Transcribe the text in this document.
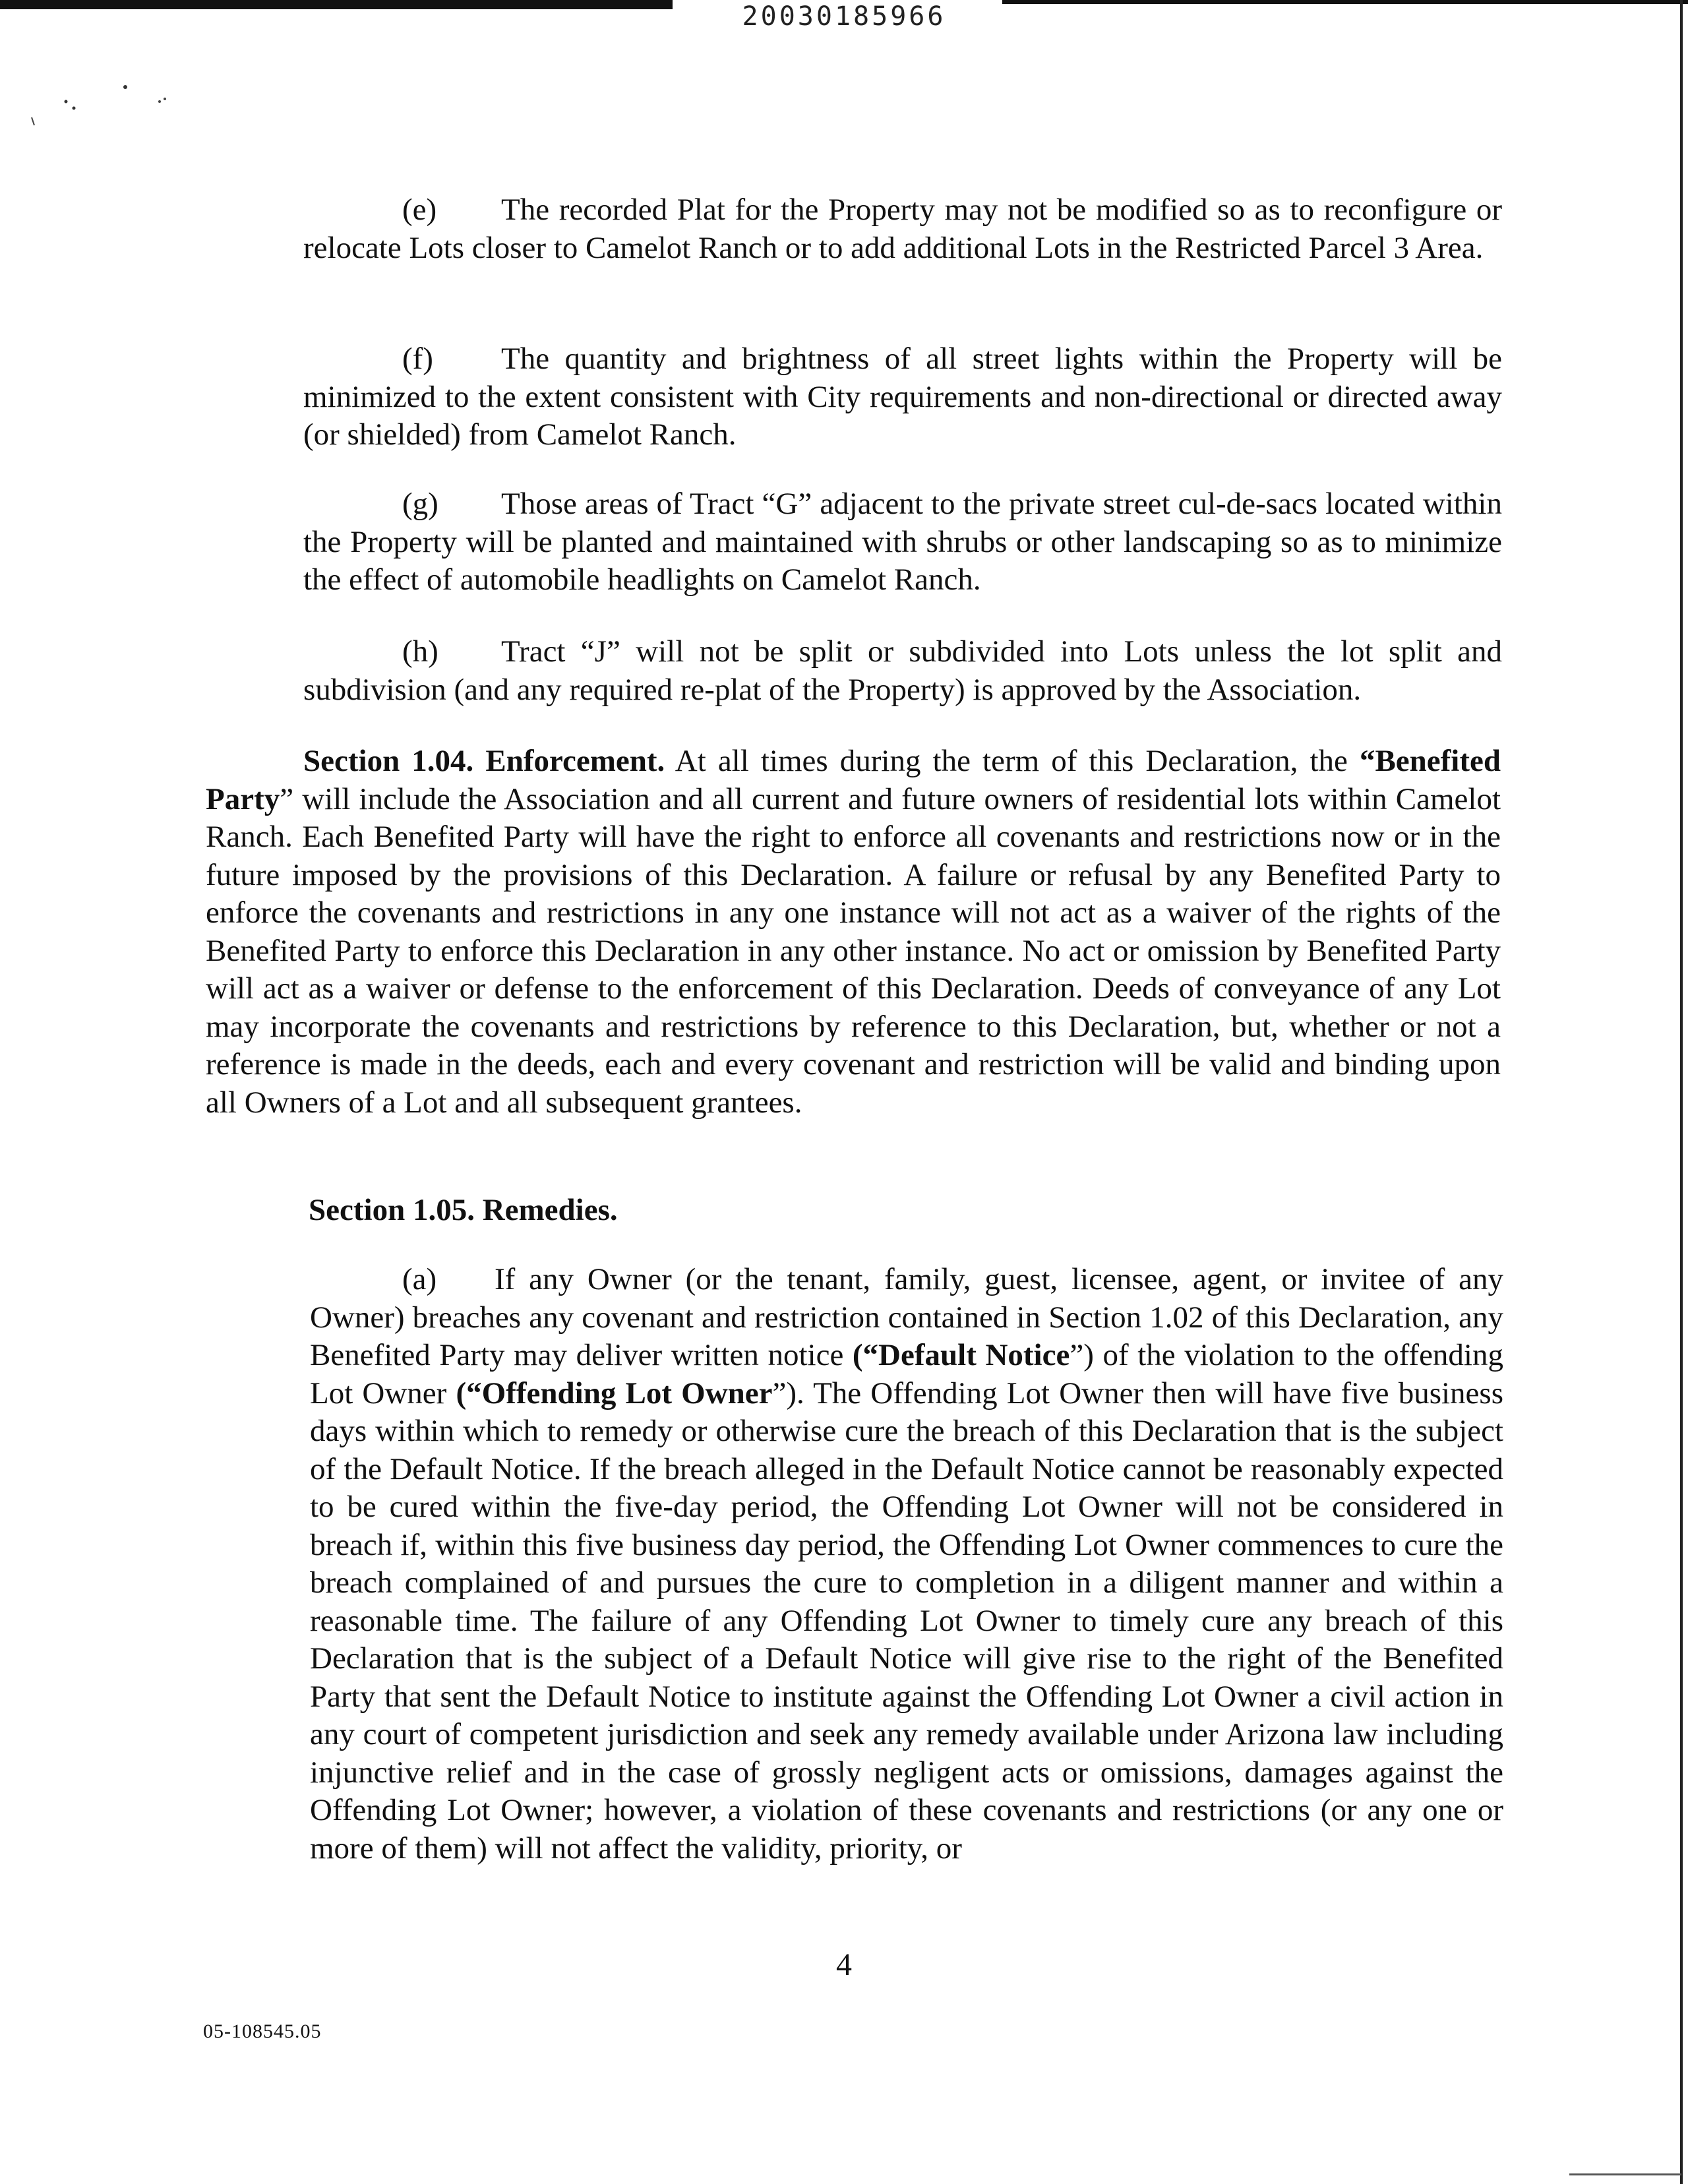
20030185966

(e) The recorded Plat for the Property may not be modified so as to reconfigure or relocate Lots closer to Camelot Ranch or to add additional Lots in the Restricted Parcel 3 Area.

(f) The quantity and brightness of all street lights within the Property will be minimized to the extent consistent with City requirements and non-directional or directed away (or shielded) from Camelot Ranch.

(g) Those areas of Tract “G” adjacent to the private street cul-de-sacs located within the Property will be planted and maintained with shrubs or other landscaping so as to minimize the effect of automobile headlights on Camelot Ranch.

(h) Tract “J” will not be split or subdivided into Lots unless the lot split and subdivision (and any required re-plat of the Property) is approved by the Association.

Section 1.04. Enforcement. At all times during the term of this Declaration, the “Benefited Party” will include the Association and all current and future owners of residential lots within Camelot Ranch. Each Benefited Party will have the right to enforce all covenants and restrictions now or in the future imposed by the provisions of this Declaration. A failure or refusal by any Benefited Party to enforce the covenants and restrictions in any one instance will not act as a waiver of the rights of the Benefited Party to enforce this Declaration in any other instance. No act or omission by Benefited Party will act as a waiver or defense to the enforcement of this Declaration. Deeds of conveyance of any Lot may incorporate the covenants and restrictions by reference to this Declaration, but, whether or not a reference is made in the deeds, each and every covenant and restriction will be valid and binding upon all Owners of a Lot and all subsequent grantees.

Section 1.05. Remedies.

(a) If any Owner (or the tenant, family, guest, licensee, agent, or invitee of any Owner) breaches any covenant and restriction contained in Section 1.02 of this Declaration, any Benefited Party may deliver written notice (“Default Notice”) of the violation to the offending Lot Owner (“Offending Lot Owner”). The Offending Lot Owner then will have five business days within which to remedy or otherwise cure the breach of this Declaration that is the subject of the Default Notice. If the breach alleged in the Default Notice cannot be reasonably expected to be cured within the five-day period, the Offending Lot Owner will not be considered in breach if, within this five business day period, the Offending Lot Owner commences to cure the breach complained of and pursues the cure to completion in a diligent manner and within a reasonable time. The failure of any Offending Lot Owner to timely cure any breach of this Declaration that is the subject of a Default Notice will give rise to the right of the Benefited Party that sent the Default Notice to institute against the Offending Lot Owner a civil action in any court of competent jurisdiction and seek any remedy available under Arizona law including injunctive relief and in the case of grossly negligent acts or omissions, damages against the Offending Lot Owner; however, a violation of these covenants and restrictions (or any one or more of them) will not affect the validity, priority, or

4
05-108545.05
